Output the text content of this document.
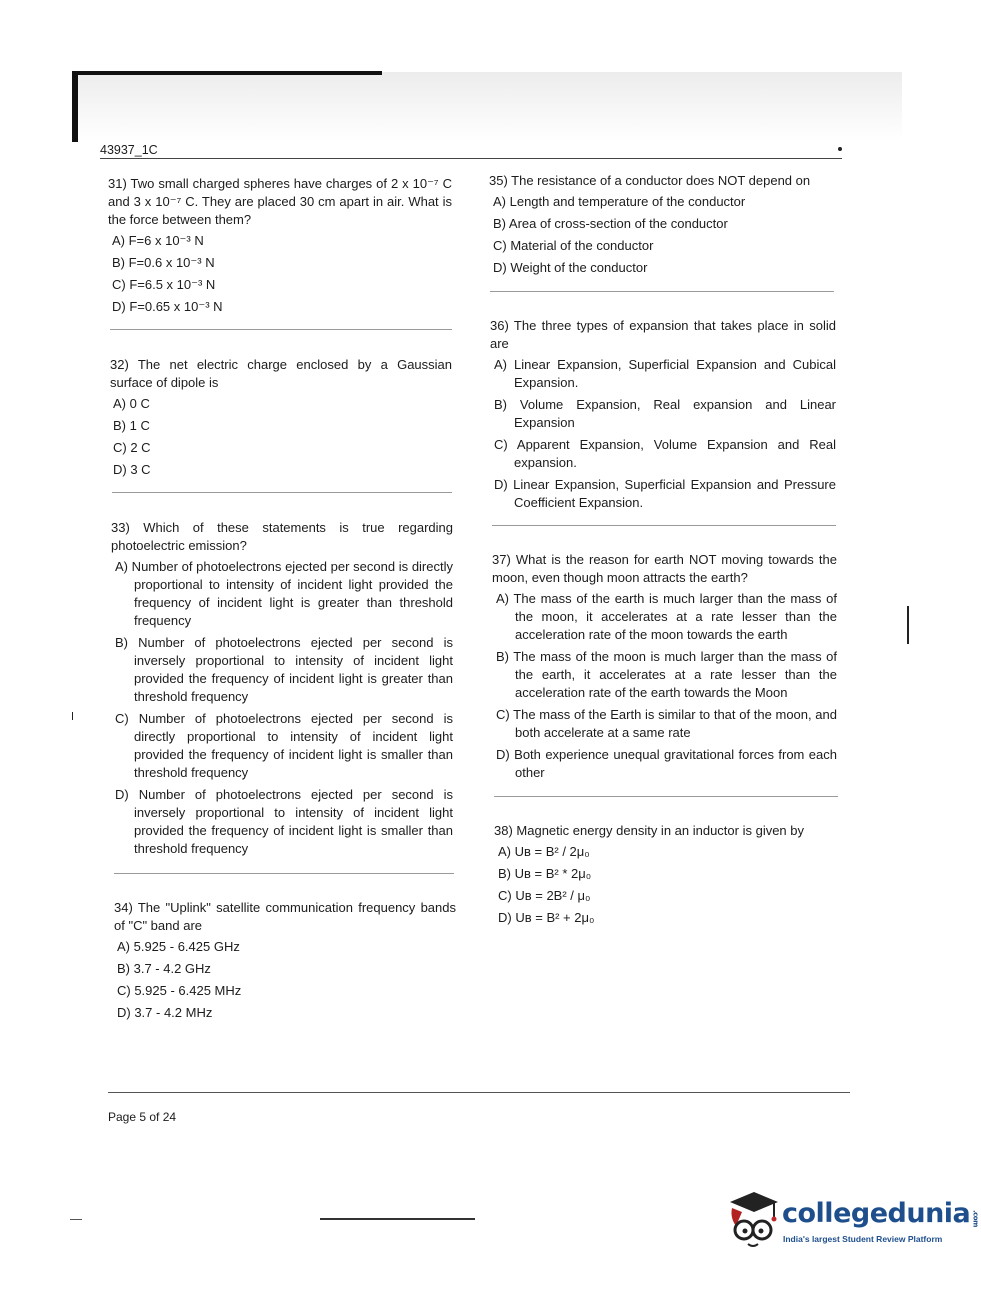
43937_1C
31) Two small charged spheres have charges of 2 x 10⁻⁷ C and 3 x 10⁻⁷ C. They are placed 30 cm apart in air. What is the force between them?
A) F=6 x 10⁻³ N
B) F=0.6 x 10⁻³ N
C) F=6.5 x 10⁻³ N
D) F=0.65 x 10⁻³ N
32) The net electric charge enclosed by a Gaussian surface of dipole is
A) 0 C
B) 1 C
C) 2 C
D) 3 C
33) Which of these statements is true regarding photoelectric emission?
A) Number of photoelectrons ejected per second is directly proportional to intensity of incident light provided the frequency of incident light is greater than threshold frequency
B) Number of photoelectrons ejected per second is inversely proportional to intensity of incident light provided the frequency of incident light is greater than threshold frequency
C) Number of photoelectrons ejected per second is directly proportional to intensity of incident light provided the frequency of incident light is smaller than threshold frequency
D) Number of photoelectrons ejected per second is inversely proportional to intensity of incident light provided the frequency of incident light is smaller than threshold frequency
34) The "Uplink" satellite communication frequency bands of "C" band are
A) 5.925 - 6.425 GHz
B) 3.7 - 4.2 GHz
C) 5.925 - 6.425 MHz
D) 3.7 - 4.2 MHz
35) The resistance of a conductor does NOT depend on
A) Length and temperature of the conductor
B) Area of cross-section of the conductor
C) Material of the conductor
D) Weight of the conductor
36) The three types of expansion that takes place in solid are
A) Linear Expansion, Superficial Expansion and Cubical Expansion.
B) Volume Expansion, Real expansion and Linear Expansion
C) Apparent Expansion, Volume Expansion and Real expansion.
D) Linear Expansion, Superficial Expansion and Pressure Coefficient Expansion.
37) What is the reason for earth NOT moving towards the moon, even though moon attracts the earth?
A) The mass of the earth is much larger than the mass of the moon, it accelerates at a rate lesser than the acceleration rate of the moon towards the earth
B) The mass of the moon is much larger than the mass of the earth, it accelerates at a rate lesser than the acceleration rate of the earth towards the Moon
C) The mass of the Earth is similar to that of the moon, and both accelerate at a same rate
D) Both experience unequal gravitational forces from each other
38) Magnetic energy density in an inductor is given by
A) Uʙ = B² / 2μ₀
B) Uʙ = B² * 2μ₀
C) Uʙ = 2B² / μ₀
D) Uʙ = B² + 2μ₀
Page 5 of 24
collegedunia .com
India's largest Student Review Platform
